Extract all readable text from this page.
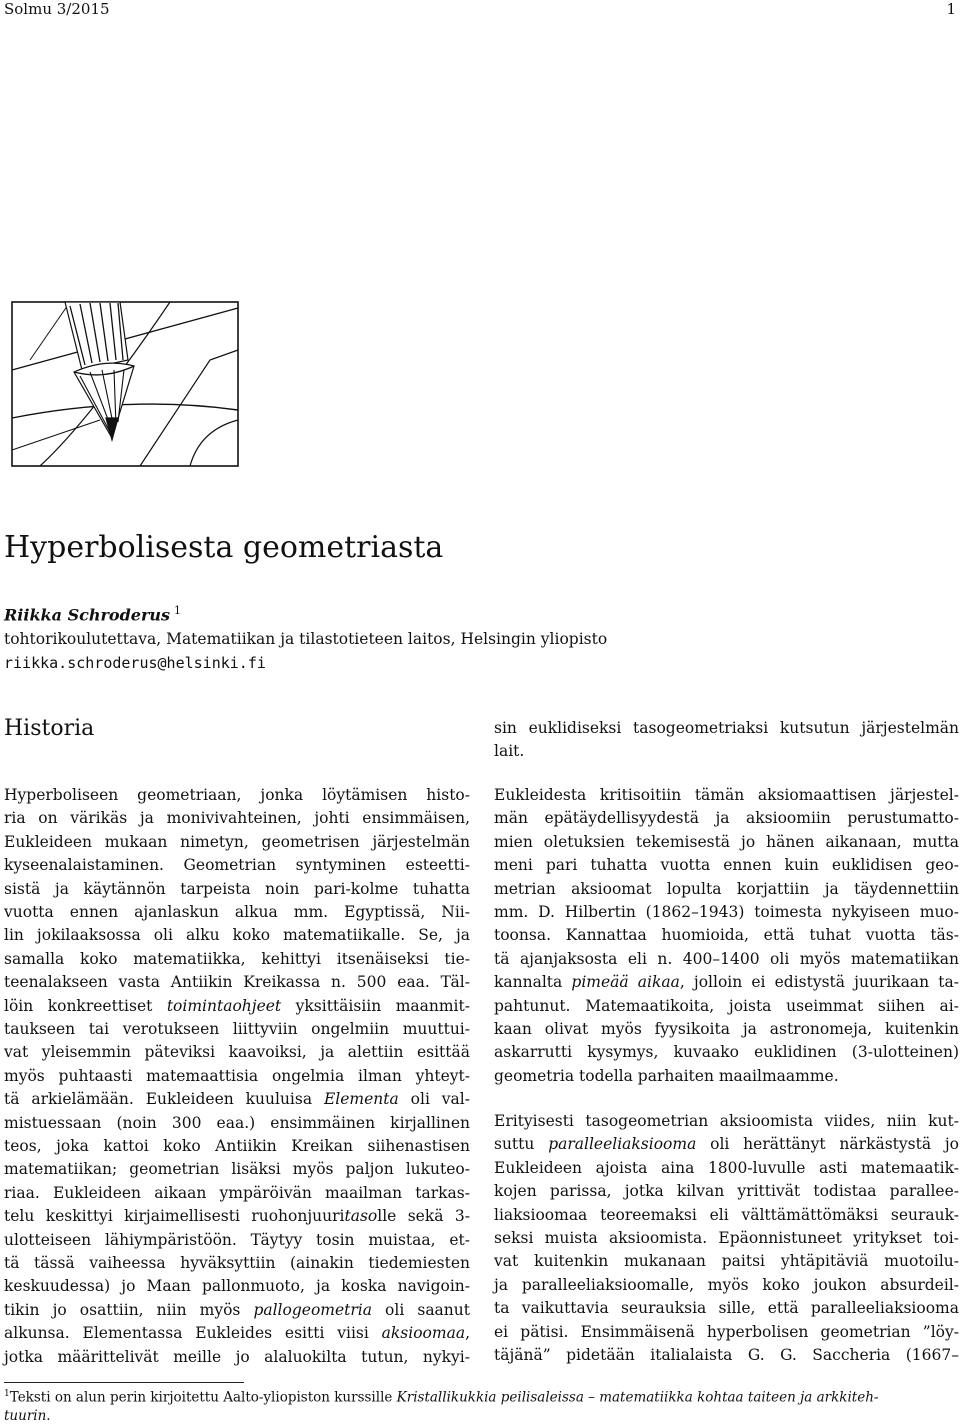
Solmu 3/2015	1
Hyperbolisesta geometriasta
Riikka Schroderus $^1$
tohtorikoulutettava, Matematiikan ja tilastotieteen laitos, Helsingin yliopisto
riikka.schroderus@helsinki.fi
Historia
Hyperboliseen geometriaan, jonka löytämisen histo-
ria on värikäs ja monivivahteinen, johti ensimmäisen,
Eukleideen mukaan nimetyn, geometrisen järjestelmän
kyseenalaistaminen. Geometrian syntyminen esteetti-
sistä ja käytännön tarpeista noin pari-kolme tuhatta
vuotta ennen ajanlaskun alkua mm. Egyptissä, Nii-
lin jokilaaksossa oli alku koko matematiikalle. Se, ja
samalla koko matematiikka, kehittyi itsenäiseksi tie-
teenalakseen vasta Antiikin Kreikassa n. 500 eaa. Täl-
löin konkreettiset toimintaohjeet yksittäisiin maanmit-
taukseen tai verotukseen liittyviin ongelmiin muuttui-
vat yleisemmin päteviksi kaavoiksi, ja alettiin esittää
myös puhtaasti matemaattisia ongelmia ilman yhteyt-
tä arkielämään. Eukleideen kuuluisa Elementa oli val-
mistuessaan (noin 300 eaa.) ensimmäinen kirjallinen
teos, joka kattoi koko Antiikin Kreikan siihenastisen
matematiikan; geometrian lisäksi myös paljon lukuteo-
riaa. Eukleideen aikaan ympäröivän maailman tarkas-
telu keskittyi kirjaimellisesti ruohonjuuritasolle sekä 3-
ulotteiseen lähiympäristöön. Täytyy tosin muistaa, et-
tä tässä vaiheessa hyväksyttiin (ainakin tiedemiesten
keskuudessa) jo Maan pallonmuoto, ja koska navigoin-
tikin jo osattiin, niin myös pallogeometria oli saanut
alkunsa. Elementassa Eukleides esitti viisi aksioomaa,
jotka määrittelivät meille jo alaluokilta tutun, nykyi-
sin euklidiseksi tasogeometriaksi kutsutun järjestelmän
lait.
Eukleidesta kritisoitiin tämän aksiomaattisen järjestel-
män epätäydellisyydestä ja aksioomiin perustumatto-
mien oletuksien tekemisestä jo hänen aikanaan, mutta
meni pari tuhatta vuotta ennen kuin euklidisen geo-
metrian aksioomat lopulta korjattiin ja täydennettiin
mm. D. Hilbertin (1862–1943) toimesta nykyiseen muo-
toonsa. Kannattaa huomioida, että tuhat vuotta täs-
tä ajanjaksosta eli n. 400–1400 oli myös matematiikan
kannalta pimeää aikaa, jolloin ei edistystä juurikaan ta-
pahtunut. Matemaatikoita, joista useimmat siihen ai-
kaan olivat myös fyysikoita ja astronomeja, kuitenkin
askarrutti kysymys, kuvaako euklidinen (3-ulotteinen)
geometria todella parhaiten maailmaamme.
Erityisesti tasogeometrian aksioomista viides, niin kut-
suttu paralleeliaksiooma oli herättänyt närkästystä jo
Eukleideen ajoista aina 1800-luvulle asti matemaatik-
kojen parissa, jotka kilvan yrittivät todistaa parallee-
liaksioomaa teoreemaksi eli välttämättömäksi seurauk-
seksi muista aksioomista. Epäonnistuneet yritykset toi-
vat kuitenkin mukanaan paitsi yhtäpitäviä muotoilu-
ja paralleeliaksioomalle, myös koko joukon absurdeil-
ta vaikuttavia seurauksia sille, että paralleeliaksiooma
ei pätisi. Ensimmäisenä hyperbolisen geometrian ”löy-
täjänä” pidetään italialaista G. G. Saccheria (1667–
$^1$Teksti on alun perin kirjoitettu Aalto-yliopiston kurssille Kristallikukkia peilisaleissa – matematiikka kohtaa taiteen ja arkkiteh-
tuurin.
